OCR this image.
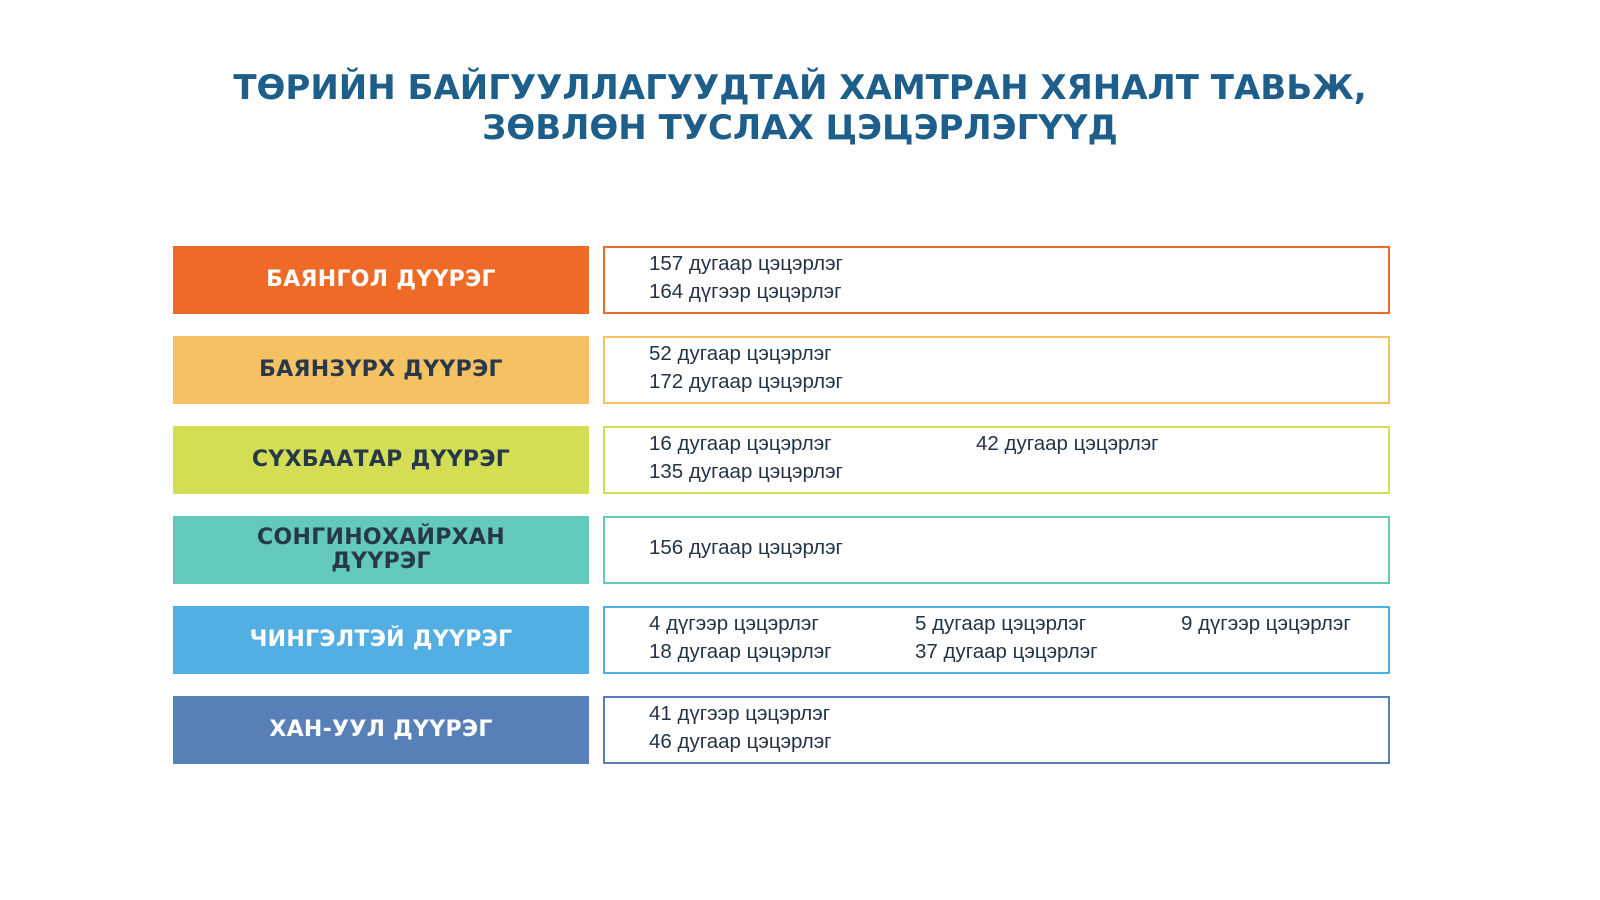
ТӨРИЙН БАЙГУУЛЛАГУУДТАЙ ХАМТРАН ХЯНАЛТ ТАВЬЖ,
ЗӨВЛӨН ТУСЛАХ ЦЭЦЭРЛЭГҮҮД
БАЯНГОЛ ДҮҮРЭГ
157 дугаар цэцэрлэг
164 дүгээр цэцэрлэг
БАЯНЗҮРХ ДҮҮРЭГ
52 дугаар цэцэрлэг
172 дугаар цэцэрлэг
СҮХБААТАР ДҮҮРЭГ
16 дугаар цэцэрлэг
135 дугаар цэцэрлэг
42 дугаар цэцэрлэг
СОНГИНОХАЙРХАН
ДҮҮРЭГ
156 дугаар цэцэрлэг
ЧИНГЭЛТЭЙ ДҮҮРЭГ
4 дүгээр цэцэрлэг
18 дугаар цэцэрлэг
5 дугаар цэцэрлэг
37 дугаар цэцэрлэг
9 дүгээр цэцэрлэг
ХАН-УУЛ ДҮҮРЭГ
41 дүгээр цэцэрлэг
46 дугаар цэцэрлэг
